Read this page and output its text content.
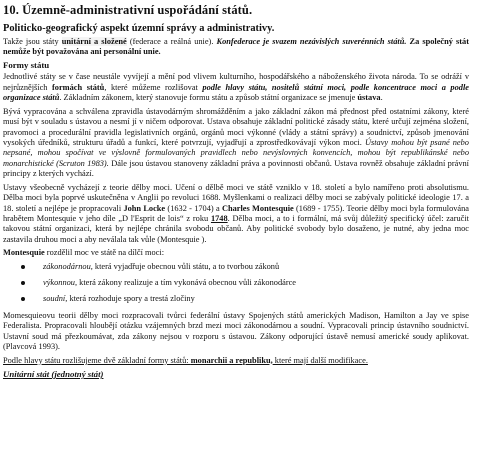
10. Územně-administrativní uspořádání států.
Politicko-geografický aspekt územní správy a administrativy.

Takže jsou státy unitární a složené (federace a reálná unie). Konfederace je svazem nezávislých suverénních států. Za společný stát nemůže být považována ani personální unie.

Formy státu

Jednotlivé státy se v čase neustále vyvíjejí a mění pod vlivem kulturního, hospodářského a náboženského života národa. To se odráží v nejrůznějších formách států, které můžeme rozlišovat podle hlavy státu, nositelů státní moci, podle koncentrace moci a podle organizace států. Základním zákonem, který stanovuje formu státu a způsob státní organizace se jmenuje ústava.

Bývá vypracována a schválena zpravidla ústavodárným shromážděním a jako základní zákon má přednost před ostatními zákony, které musí být v souladu s ústavou a nesmí jí v ničem odporovat. Ustava obsahuje základní politické zásady státu, které určují zejména složení, pravomoci a procedurální pravidla legislativních orgánů, orgánů moci výkonné (vlády a státní správy) a soudnictví, způsob jmenování vysokých úředníků, strukturu úřadů a funkcí, které potvrzují, vyjadřují a zprostředkovávají výkon moci. Ústavy mohou být psané nebo nepsané, mohou spočívat ve výslovně formulovaných pravidlech nebo nevýslovných konvencích, mohou být republikánské nebo monarchistické (Scruton 1983). Dále jsou ústavou stanoveny základní práva a povinnosti občanů. Ustava rovněž obsahuje základní právní principy z kterých vychází.

Ustavy všeobecně vycházejí z teorie dělby moci. Učení o dělbě moci ve státě vzniklo v 18. století a bylo namířeno proti absolutismu. Dělba moci byla poprvé uskutečněna v Anglii po revoluci 1688. Myšlenkami o realizaci dělby moci se zabývaly politické ideologie 17. a 18. století a nejlépe je propracovali John Locke (1632 - 1704) a Charles Montesquie (1689 - 1755). Teorie dělby moci byla formulována hrabětem Montesquie v jeho díle „D l'Esprit de lois“ z roku 1748. Dělba moci, a to i formální, má svůj důležitý specifický účel: zaručit takovou státní organizaci, která by nejlépe chránila svobodu občanů. Aby politické svobody bylo dosaženo, je nutné, aby jedna moc zastavila druhou moci a aby neválala tak vůle (Montesquie ).

Montesquie rozdělil moc ve státě na dílčí moci:

zákonodárnou, která vyjadřuje obecnou vůli státu, a to tvorbou zákonů
výkonnou, která zákony realizuje a tím vykonává obecnou vůli zákonodárce
soudní, která rozhoduje spory a trestá zločiny

Momesquieovu teorii dělby moci rozpracovali tvůrci federální ústavy Spojených států amerických Madison, Hamilton a Jay ve spise Federalista. Propracovali hloubějí otázku vzájemných brzd mezi moci zákonodárnou a soudní. Vypracovali princip ústavního soudnictví. Ustavní soud má přezkoumávat, zda zákony nejsou v rozporu s ústavou. Zákony odporující ústavě nemusí americké soudy aplikovat. (Plavcová 1993).

Podle hlavy státu rozlišujeme dvě základní formy států: monarchii a republiku, které mají další modifikace.

Unitární stát (jednotný stát)
